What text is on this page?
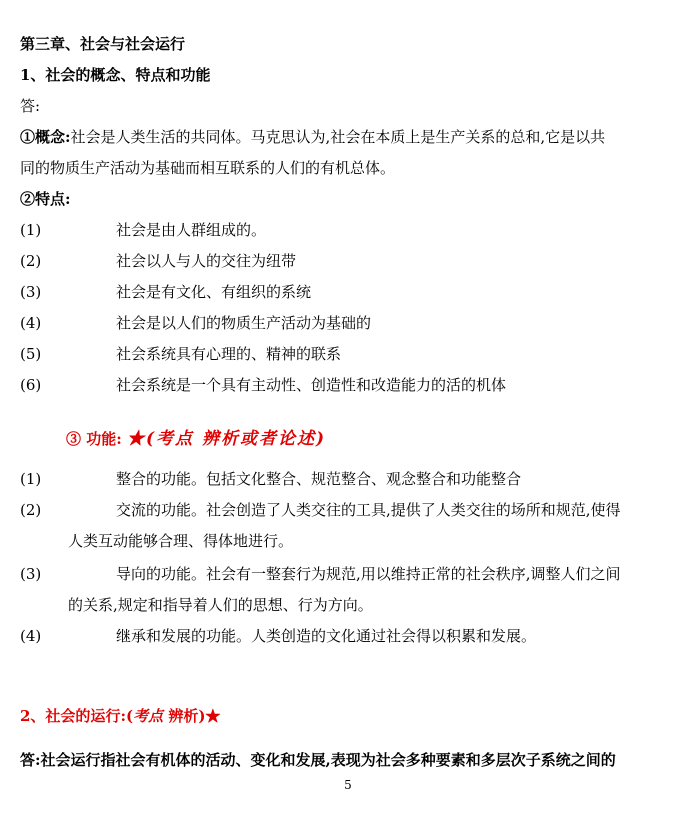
第三章、社会与社会运行
1、社会的概念、特点和功能
答:
①概念:社会是人类生活的共同体。马克思认为,社会在本质上是生产关系的总和,它是以共
同的物质生产活动为基础而相互联系的人们的有机总体。
②特点:
(1)	社会是由人群组成的。
(2)	社会以人与人的交往为纽带
(3)	社会是有文化、有组织的系统
(4)	社会是以人们的物质生产活动为基础的
(5)	社会系统具有心理的、精神的联系
(6)	社会系统是一个具有主动性、创造性和改造能力的活的机体
③ 功能: ★(考点 辨析或者论述)
(1)	整合的功能。包括文化整合、规范整合、观念整合和功能整合
(2)	交流的功能。社会创造了人类交往的工具,提供了人类交往的场所和规范,使得
人类互动能够合理、得体地进行。
(3)	导向的功能。社会有一整套行为规范,用以维持正常的社会秩序,调整人们之间
的关系,规定和指导着人们的思想、行为方向。
(4)	继承和发展的功能。人类创造的文化通过社会得以积累和发展。
2、社会的运行:(考点 辨析)★
答:社会运行指社会有机体的活动、变化和发展,表现为社会多种要素和多层次子系统之间的
5
